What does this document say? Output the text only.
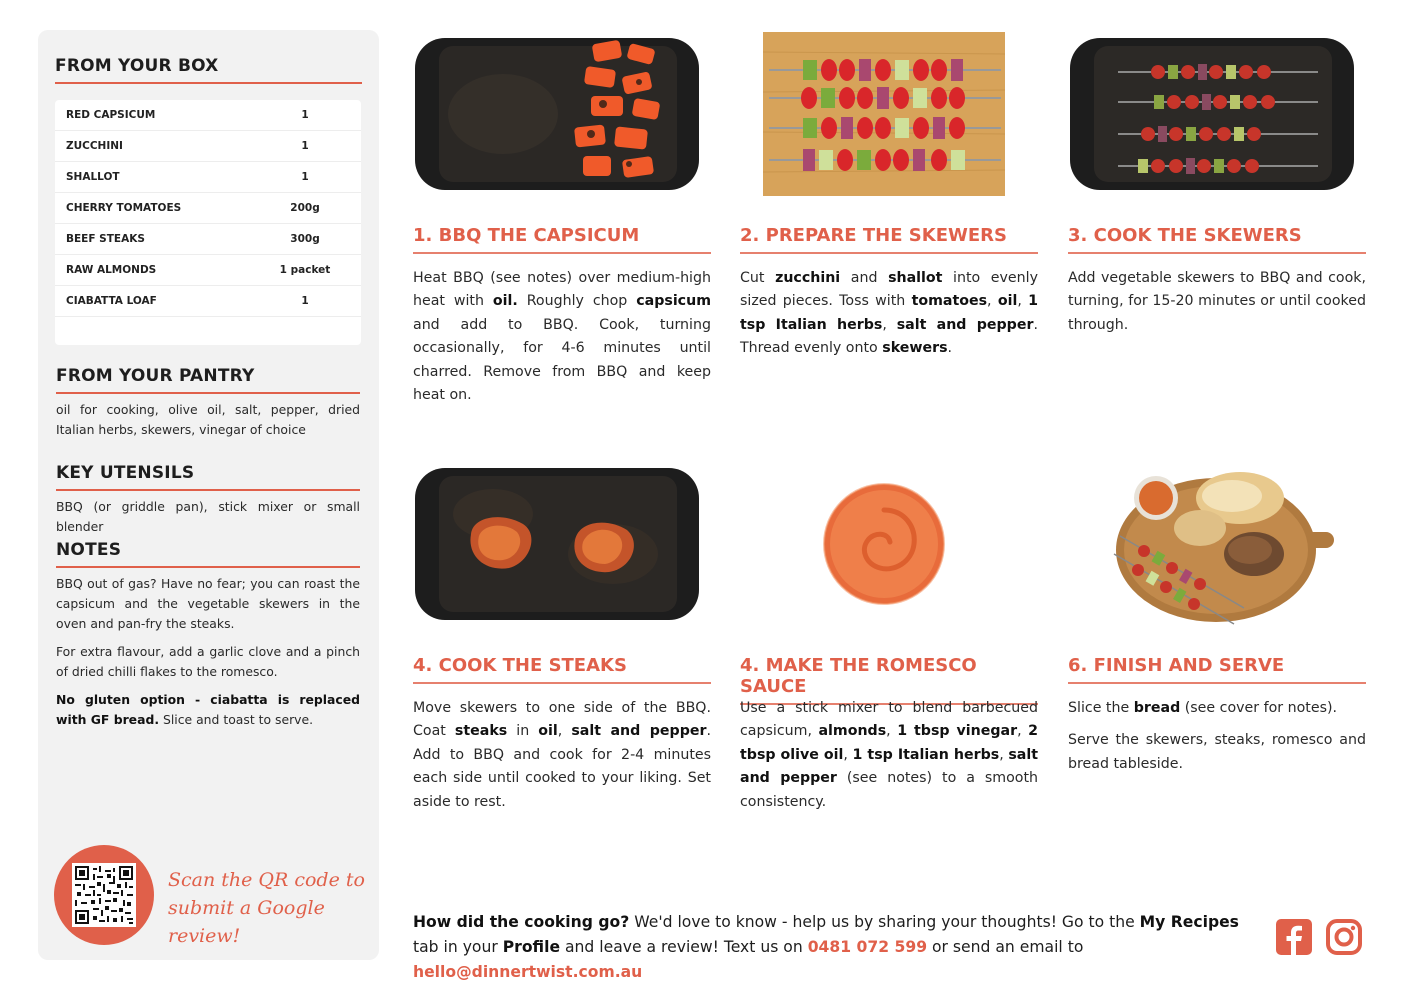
FROM YOUR BOX
RED CAPSICUM	1
ZUCCHINI	1
SHALLOT	1
CHERRY TOMATOES	200g
BEEF STEAKS	300g
RAW ALMONDS	1 packet
CIABATTA LOAF	1
FROM YOUR PANTRY

oil for cooking, olive oil, salt, pepper, dried Italian herbs, skewers, vinegar of choice

KEY UTENSILS

BBQ (or griddle pan), stick mixer or small blender

NOTES

BBQ out of gas? Have no fear; you can roast the capsicum and the vegetable skewers in the oven and pan-fry the steaks.

For extra flavour, add a garlic clove and a pinch of dried chilli flakes to the romesco.

No gluten option - ciabatta is replaced with GF bread. Slice and toast to serve.

Scan the QR code to
submit a Google review!
1. BBQ THE CAPSICUM

Heat BBQ (see notes) over medium-high heat with oil. Roughly chop capsicum and add to BBQ. Cook, turning occasionally, for 4-6 minutes until charred. Remove from BBQ and keep heat on.

2. PREPARE THE SKEWERS

Cut zucchini and shallot into evenly sized pieces. Toss with tomatoes, oil, 1 tsp Italian herbs, salt and pepper. Thread evenly onto skewers.

3. COOK THE SKEWERS

Add vegetable skewers to BBQ and cook, turning, for 15-20 minutes or until cooked through.

4. COOK THE STEAKS

Move skewers to one side of the BBQ. Coat steaks in oil, salt and pepper. Add to BBQ and cook for 2-4 minutes each side until cooked to your liking. Set aside to rest.

4. MAKE THE ROMESCO SAUCE

Use a stick mixer to blend barbecued capsicum, almonds, 1 tbsp vinegar, 2 tbsp olive oil, 1 tsp Italian herbs, salt and pepper (see notes) to a smooth consistency.

6. FINISH AND SERVE

Slice the bread (see cover for notes).

Serve the skewers, steaks, romesco and bread tableside.

How did the cooking go? We'd love to know - help us by sharing your thoughts! Go to the My Recipes tab in your Profile and leave a review! Text us on 0481 072 599 or send an email to hello@dinnertwist.com.au
